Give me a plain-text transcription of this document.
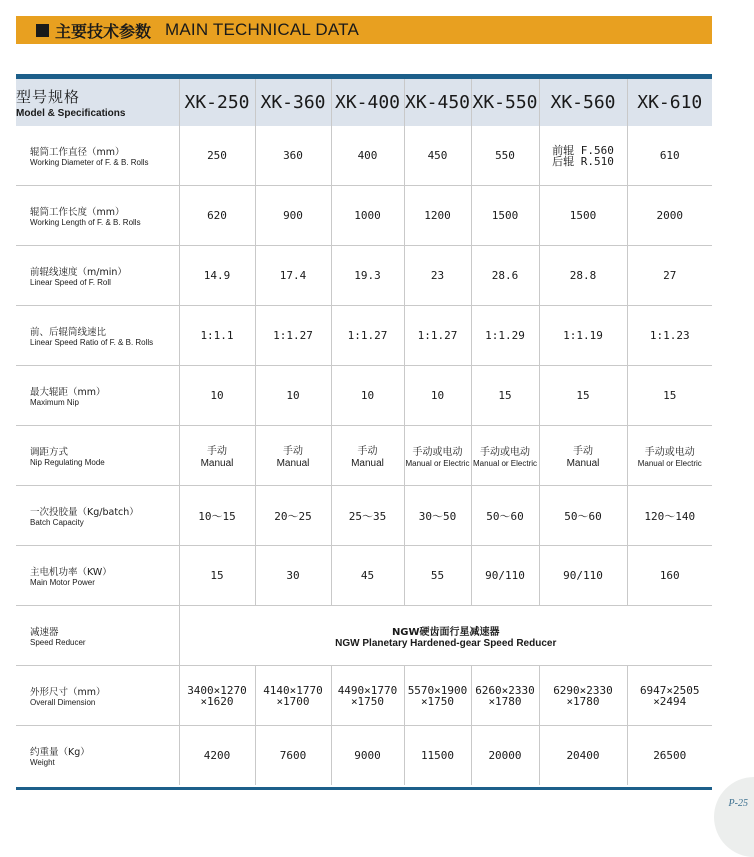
主要技术参数 MAIN TECHNICAL DATA
型号规格
Model & Specifications	XK-250	XK-360	XK-400	XK-450	XK-550	XK-560	XK-610

辊筒工作直径（mm）
Working Diameter of F. & B. Rolls	250	360	400	450	550	前辊 F.560
后辊 R.510	610

辊筒工作长度（mm）
Working Length of F. & B. Rolls	620	900	1000	1200	1500	1500	2000

前辊线速度（m/min）
Linear Speed of F. Roll	14.9	17.4	19.3	23	28.6	28.8	27

前、后辊筒线速比
Linear Speed Ratio of F. & B. Rolls	1:1.1	1:1.27	1:1.27	1:1.27	1:1.29	1:1.19	1:1.23

最大辊距（mm）
Maximum Nip	10	10	10	10	15	15	15

调距方式
Nip Regulating Mode	手动
Manual	手动
Manual	手动
Manual	手动或电动
Manual or Electric	手动或电动
Manual or Electric	手动
Manual	手动或电动
Manual or Electric

一次投胶量（Kg/batch）
Batch Capacity	10～15	20～25	25～35	30～50	50～60	50～60	120～140

主电机功率（KW）
Main Motor Power	15	30	45	55	90/110	90/110	160

减速器
Speed Reducer	NGW硬齿面行星减速器
NGW Planetary Hardened-gear Speed Reducer						

外形尺寸（mm）
Overall Dimension	3400×1270
×1620	4140×1770
×1700	4490×1770
×1750	5570×1900
×1750	6260×2330
×1780	6290×2330
×1780	6947×2505
×2494

约重量（Kg）
Weight	4200	7600	9000	11500	20000	20400	26500
P-25
